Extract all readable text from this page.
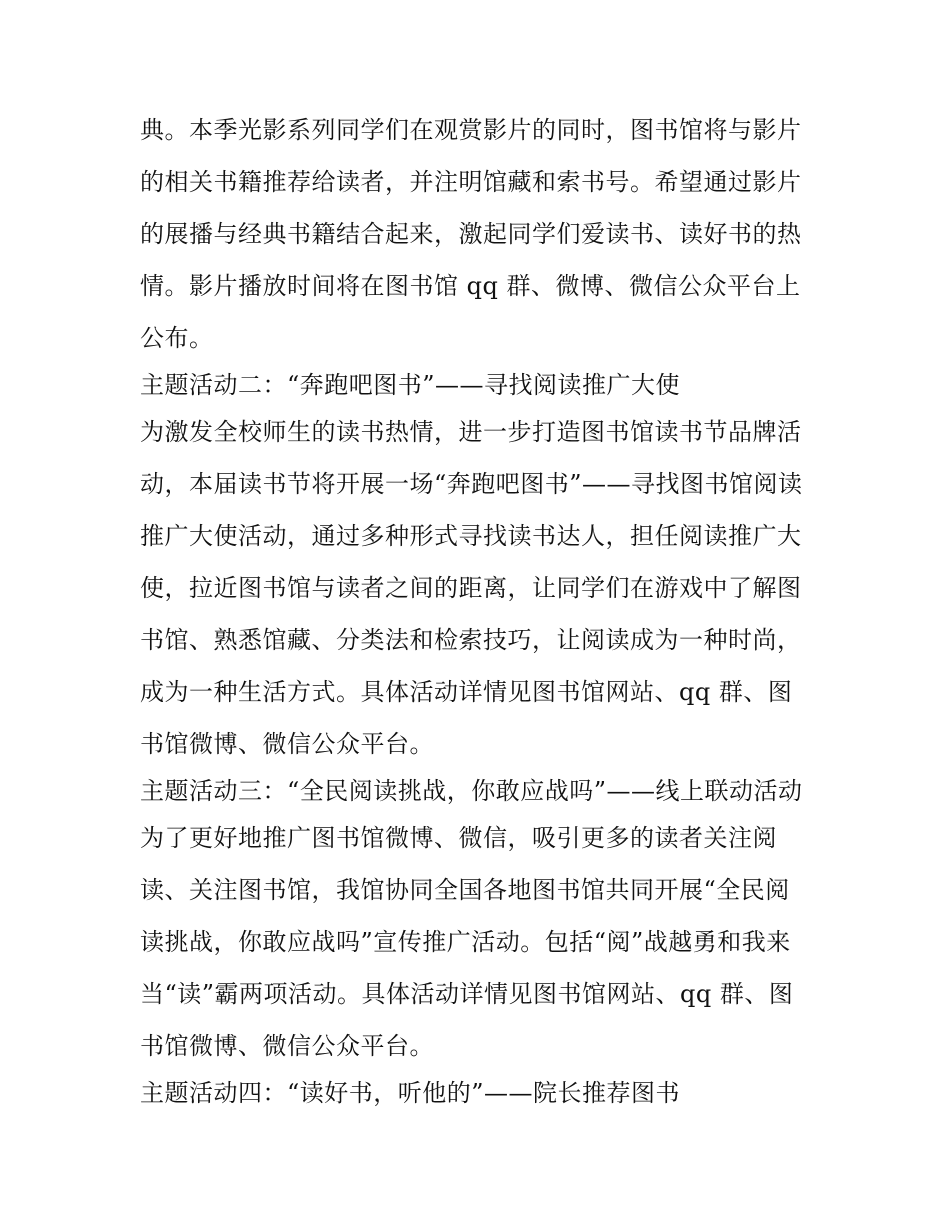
典。本季光影系列同学们在观赏影片的同时，图书馆将与影片
的相关书籍推荐给读者，并注明馆藏和索书号。希望通过影片
的展播与经典书籍结合起来，激起同学们爱读书、读好书的热
情。影片播放时间将在图书馆 qq 群、微博、微信公众平台上
公布。
主题活动二：“奔跑吧图书”——寻找阅读推广大使
为激发全校师生的读书热情，进一步打造图书馆读书节品牌活
动，本届读书节将开展一场“奔跑吧图书”——寻找图书馆阅读
推广大使活动，通过多种形式寻找读书达人，担任阅读推广大
使，拉近图书馆与读者之间的距离，让同学们在游戏中了解图
书馆、熟悉馆藏、分类法和检索技巧，让阅读成为一种时尚，
成为一种生活方式。具体活动详情见图书馆网站、qq 群、图
书馆微博、微信公众平台。
主题活动三：“全民阅读挑战，你敢应战吗”——线上联动活动
为了更好地推广图书馆微博、微信，吸引更多的读者关注阅
读、关注图书馆，我馆协同全国各地图书馆共同开展“全民阅
读挑战，你敢应战吗”宣传推广活动。包括“阅”战越勇和我来
当“读”霸两项活动。具体活动详情见图书馆网站、qq 群、图
书馆微博、微信公众平台。
主题活动四：“读好书，听他的”——院长推荐图书
